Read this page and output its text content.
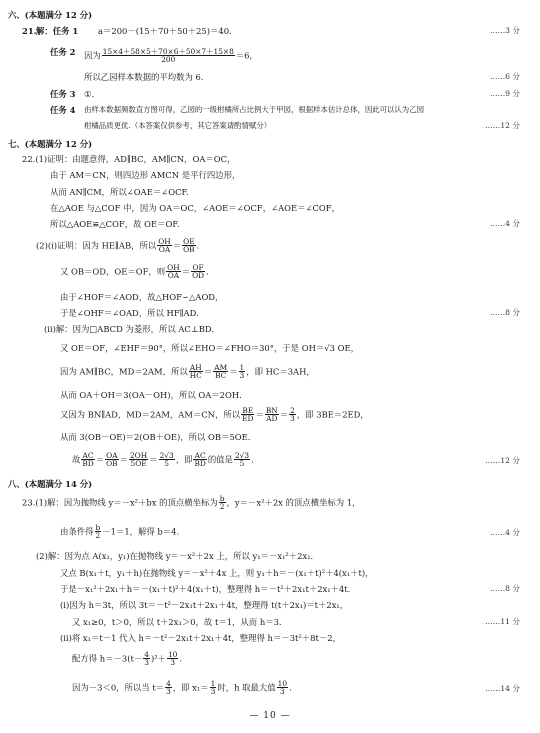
六、(本题满分 12 分)
21. 解：任务 1 a＝200－(15＋70＋50＋25)＝40.	……3 分
任务 2 因为 $\frac{15\times 4+58\times 5+70\times 6+50\times 7+15\times 8}{200} =6$,
所以乙园样本数据的平均数为 6.	……6 分
任务 3 ①.	……9 分
任务 4 由样本数据频数直方图可得，乙园的一级柑橘所占比例大于甲园，根据样本估计总体，因此可以认为乙园
柑橘品质更优.（本答案仅供参考，其它答案请酌情赋分）	……12 分
七、(本题满分 12 分)
22.(1)证明：由题意得，AD∥BC，AM∥CN，OA＝OC，
由于 AM＝CN，则四边形 AMCN 是平行四边形，
从而 AN∥CM，所以∠OAE＝∠OCF.
在△AOE 与△COF 中，因为 OA＝OC，∠AOE＝∠OCF，∠AOE＝∠COF，
所以△AOE≌△COF，故 OE＝OF.	……4 分
(2)(ⅰ)证明：因为 HE∥AB，所以 $\frac{OH}{OA} = \frac{OE}{OB}$ .
又 OB＝OD，OE＝OF，则 $\frac{OH}{OA} = \frac{OF}{OD}$ .
由于∠HOF＝∠AOD，故△HOF∽△AOD，
于是∠OHF＝∠OAD，所以 HF∥AD.	……8 分
(ⅱ)解：因为□ABCD 为菱形，所以 AC⊥BD.
又 OE＝OF，∠EHF＝90°，所以∠EHO＝∠FHO＝30°，于是 OH＝√3 OE，
因为 AM∥BC，MD＝2AM，所以 $\frac{AH}{HC} = \frac{AM}{BC} = \frac{1}{3}$ ，即 HC＝3AH，
从而 OA＋OH＝3(OA－OH)，所以 OA＝2OH.
又因为 BN∥AD，MD＝2AM，AM＝CN，所以 $\frac{BE}{ED} = \frac{BN}{AD} = \frac{2}{3}$ ，即 3BE＝2ED，
从而 3(OB－OE)＝2(OB＋OE)，所以 OB＝5OE.
故 $\frac{AC}{BD} = \frac{OA}{OB} = \frac{2OH}{5OE} = \frac{2√3}{5}$ ，即 $\frac{AC}{BD}$ 的值是 $\frac{2√3}{5}$ .	……12 分
八、(本题满分 14 分)
23.(1)解：因为抛物线 y＝－x²＋bx 的顶点横坐标为 $\frac{b}{2}$ ，y＝－x²＋2x 的顶点横坐标为 1，
由条件得 $\frac{b}{2} -1=1$，解得 b＝4.	……4 分
(2)解：因为点 A(x₁，y₁)在抛物线 y＝－x²＋2x 上，所以 y₁＝－x₁²＋2x₁.
又点 B(x₁＋t，y₁＋h)在抛物线 y＝－x²＋4x 上，则 y₁＋h＝－(x₁＋t)²＋4(x₁＋t)，
于是－x₁²＋2x₁＋h＝－(x₁＋t)²＋4(x₁＋t)，整理得 h＝－t²＋2x₁t＋2x₁＋4t.	……8 分
(ⅰ)因为 h＝3t，所以 3t＝－t²－2x₁t＋2x₁＋4t，整理得 t(t＋2x₁)＝t＋2x₁，
又 x₁≥0，t＞0，所以 t＋2x₁＞0，故 t＝1，从而 h＝3.	……11 分
(ⅱ)将 x₁＝t－1 代入 h＝－t²－2x₁t＋2x₁＋4t，整理得 h＝－3t²＋8t－2，
配方得 $h=-3(t- \frac{4}{3} )^2+ \frac{10}{3}$ .
因为－3＜0，所以当 $t= \frac{4}{3}$ ，即 $x_1= \frac{1}{3}$ 时，h 取最大值 $\frac{10}{3}$ .	……14 分
— 10 —
